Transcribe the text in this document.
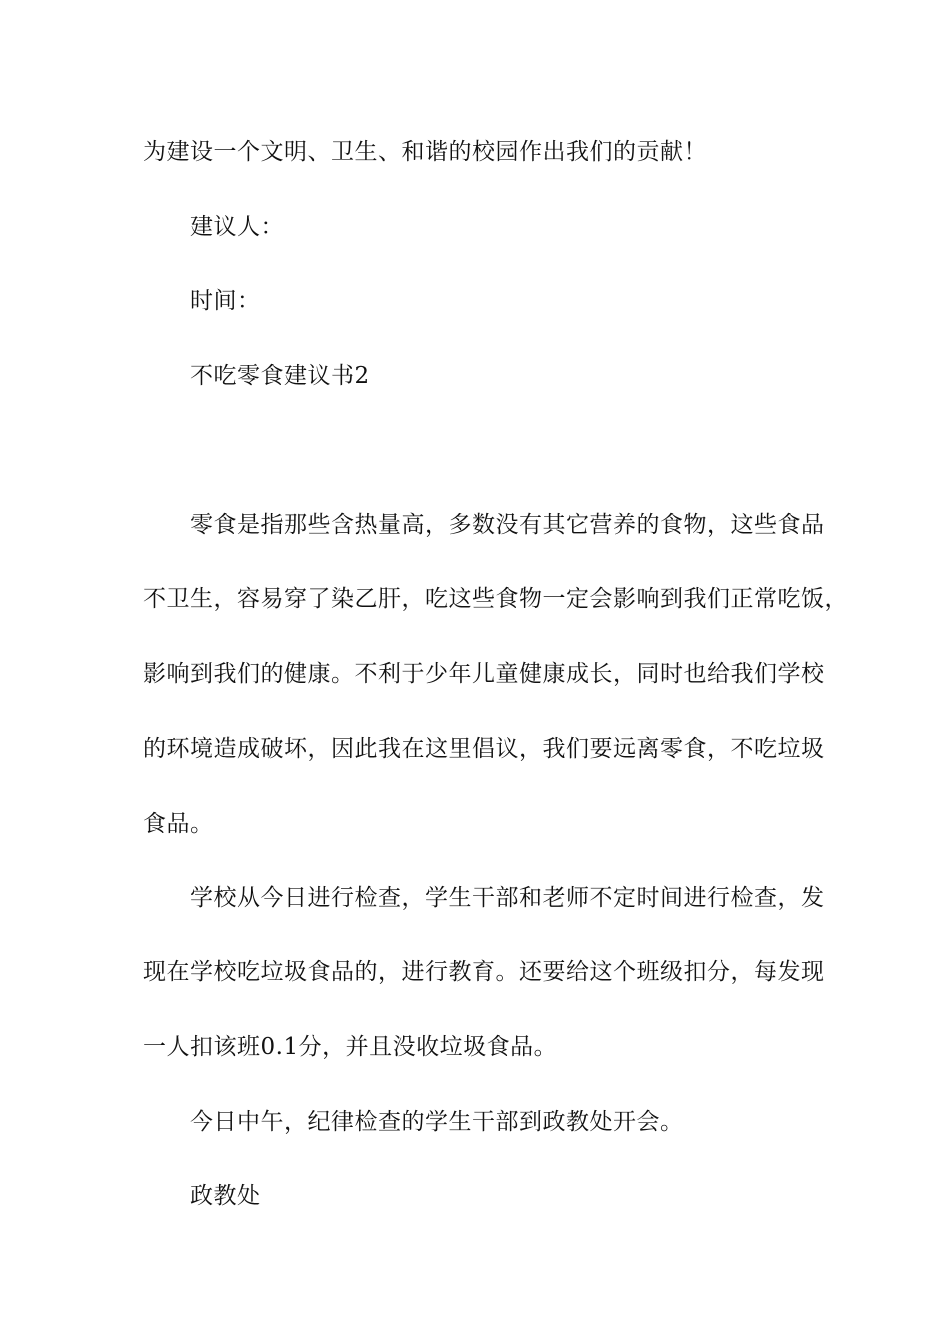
为建设一个文明、卫生、和谐的校园作出我们的贡献！
建议人：
时间：
不吃零食建议书2
零食是指那些含热量高，多数没有其它营养的食物，这些食品
不卫生，容易穿了染乙肝，吃这些食物一定会影响到我们正常吃饭，
影响到我们的健康。不利于少年儿童健康成长，同时也给我们学校
的环境造成破坏，因此我在这里倡议，我们要远离零食，不吃垃圾
食品。
学校从今日进行检查，学生干部和老师不定时间进行检查，发
现在学校吃垃圾食品的，进行教育。还要给这个班级扣分，每发现
一人扣该班0.1分，并且没收垃圾食品。
今日中午，纪律检查的学生干部到政教处开会。
政教处
